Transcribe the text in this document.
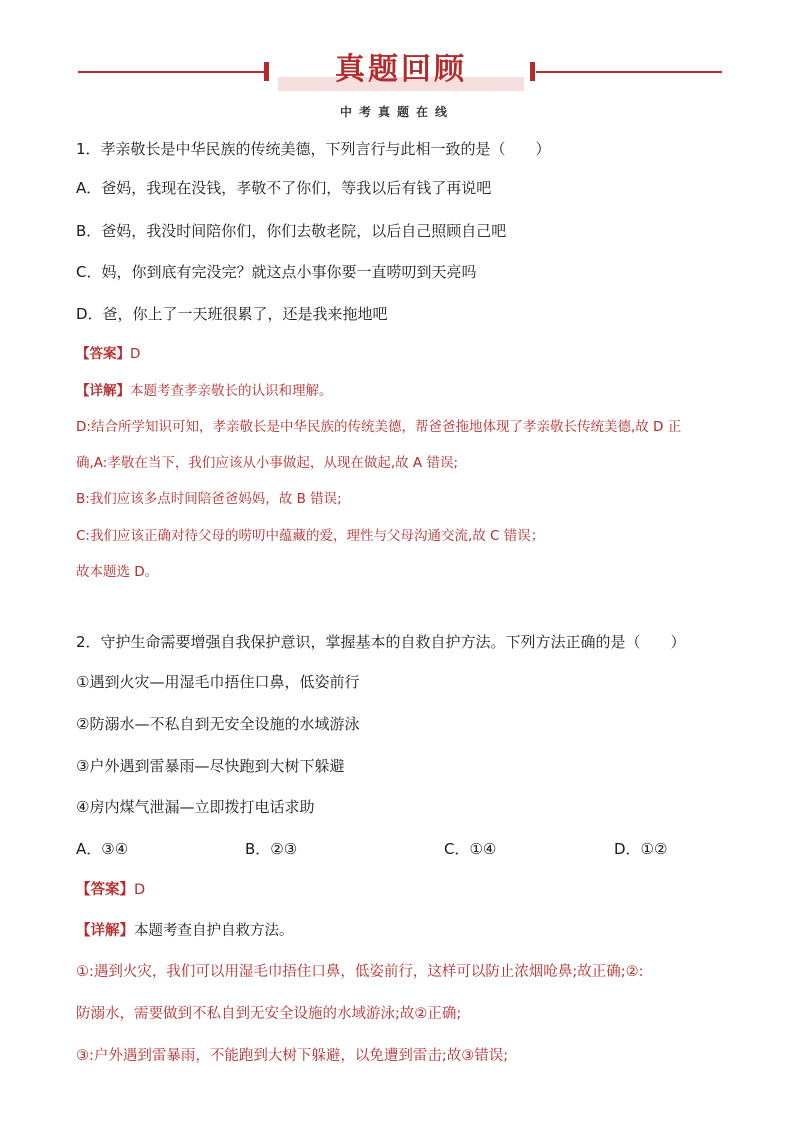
真题回顾
中考真题在线
1．孝亲敬长是中华民族的传统美德，下列言行与此相一致的是（　　）
A．爸妈，我现在没钱，孝敬不了你们，等我以后有钱了再说吧
B．爸妈，我没时间陪你们，你们去敬老院，以后自己照顾自己吧
C．妈，你到底有完没完？就这点小事你要一直唠叨到天亮吗
D．爸，你上了一天班很累了，还是我来拖地吧
【答案】D
【详解】本题考查孝亲敬长的认识和理解。
D:结合所学知识可知，孝亲敬长是中华民族的传统美德，帮爸爸拖地体现了孝亲敬长传统美德,故 D 正
确,A:孝敬在当下，我们应该从小事做起，从现在做起,故 A 错误;
B:我们应该多点时间陪爸爸妈妈，故 B 错误;
C:我们应该正确对待父母的唠叨中蕴藏的爱，理性与父母沟通交流,故 C 错误；
故本题选 D。
2．守护生命需要增强自我保护意识，掌握基本的自救自护方法。下列方法正确的是（　　）
①遇到火灾—用湿毛巾捂住口鼻，低姿前行
②防溺水—不私自到无安全设施的水域游泳
③户外遇到雷暴雨—尽快跑到大树下躲避
④房内煤气泄漏—立即拨打电话求助
A．③④	B．②③	C．①④	D．①②
【答案】D
【详解】本题考查自护自救方法。
①:遇到火灾，我们可以用湿毛巾捂住口鼻，低姿前行，这样可以防止浓烟呛鼻;故正确;②:
防溺水，需要做到不私自到无安全设施的水域游泳;故②正确;
③:户外遇到雷暴雨，不能跑到大树下躲避，以免遭到雷击;故③错误;
